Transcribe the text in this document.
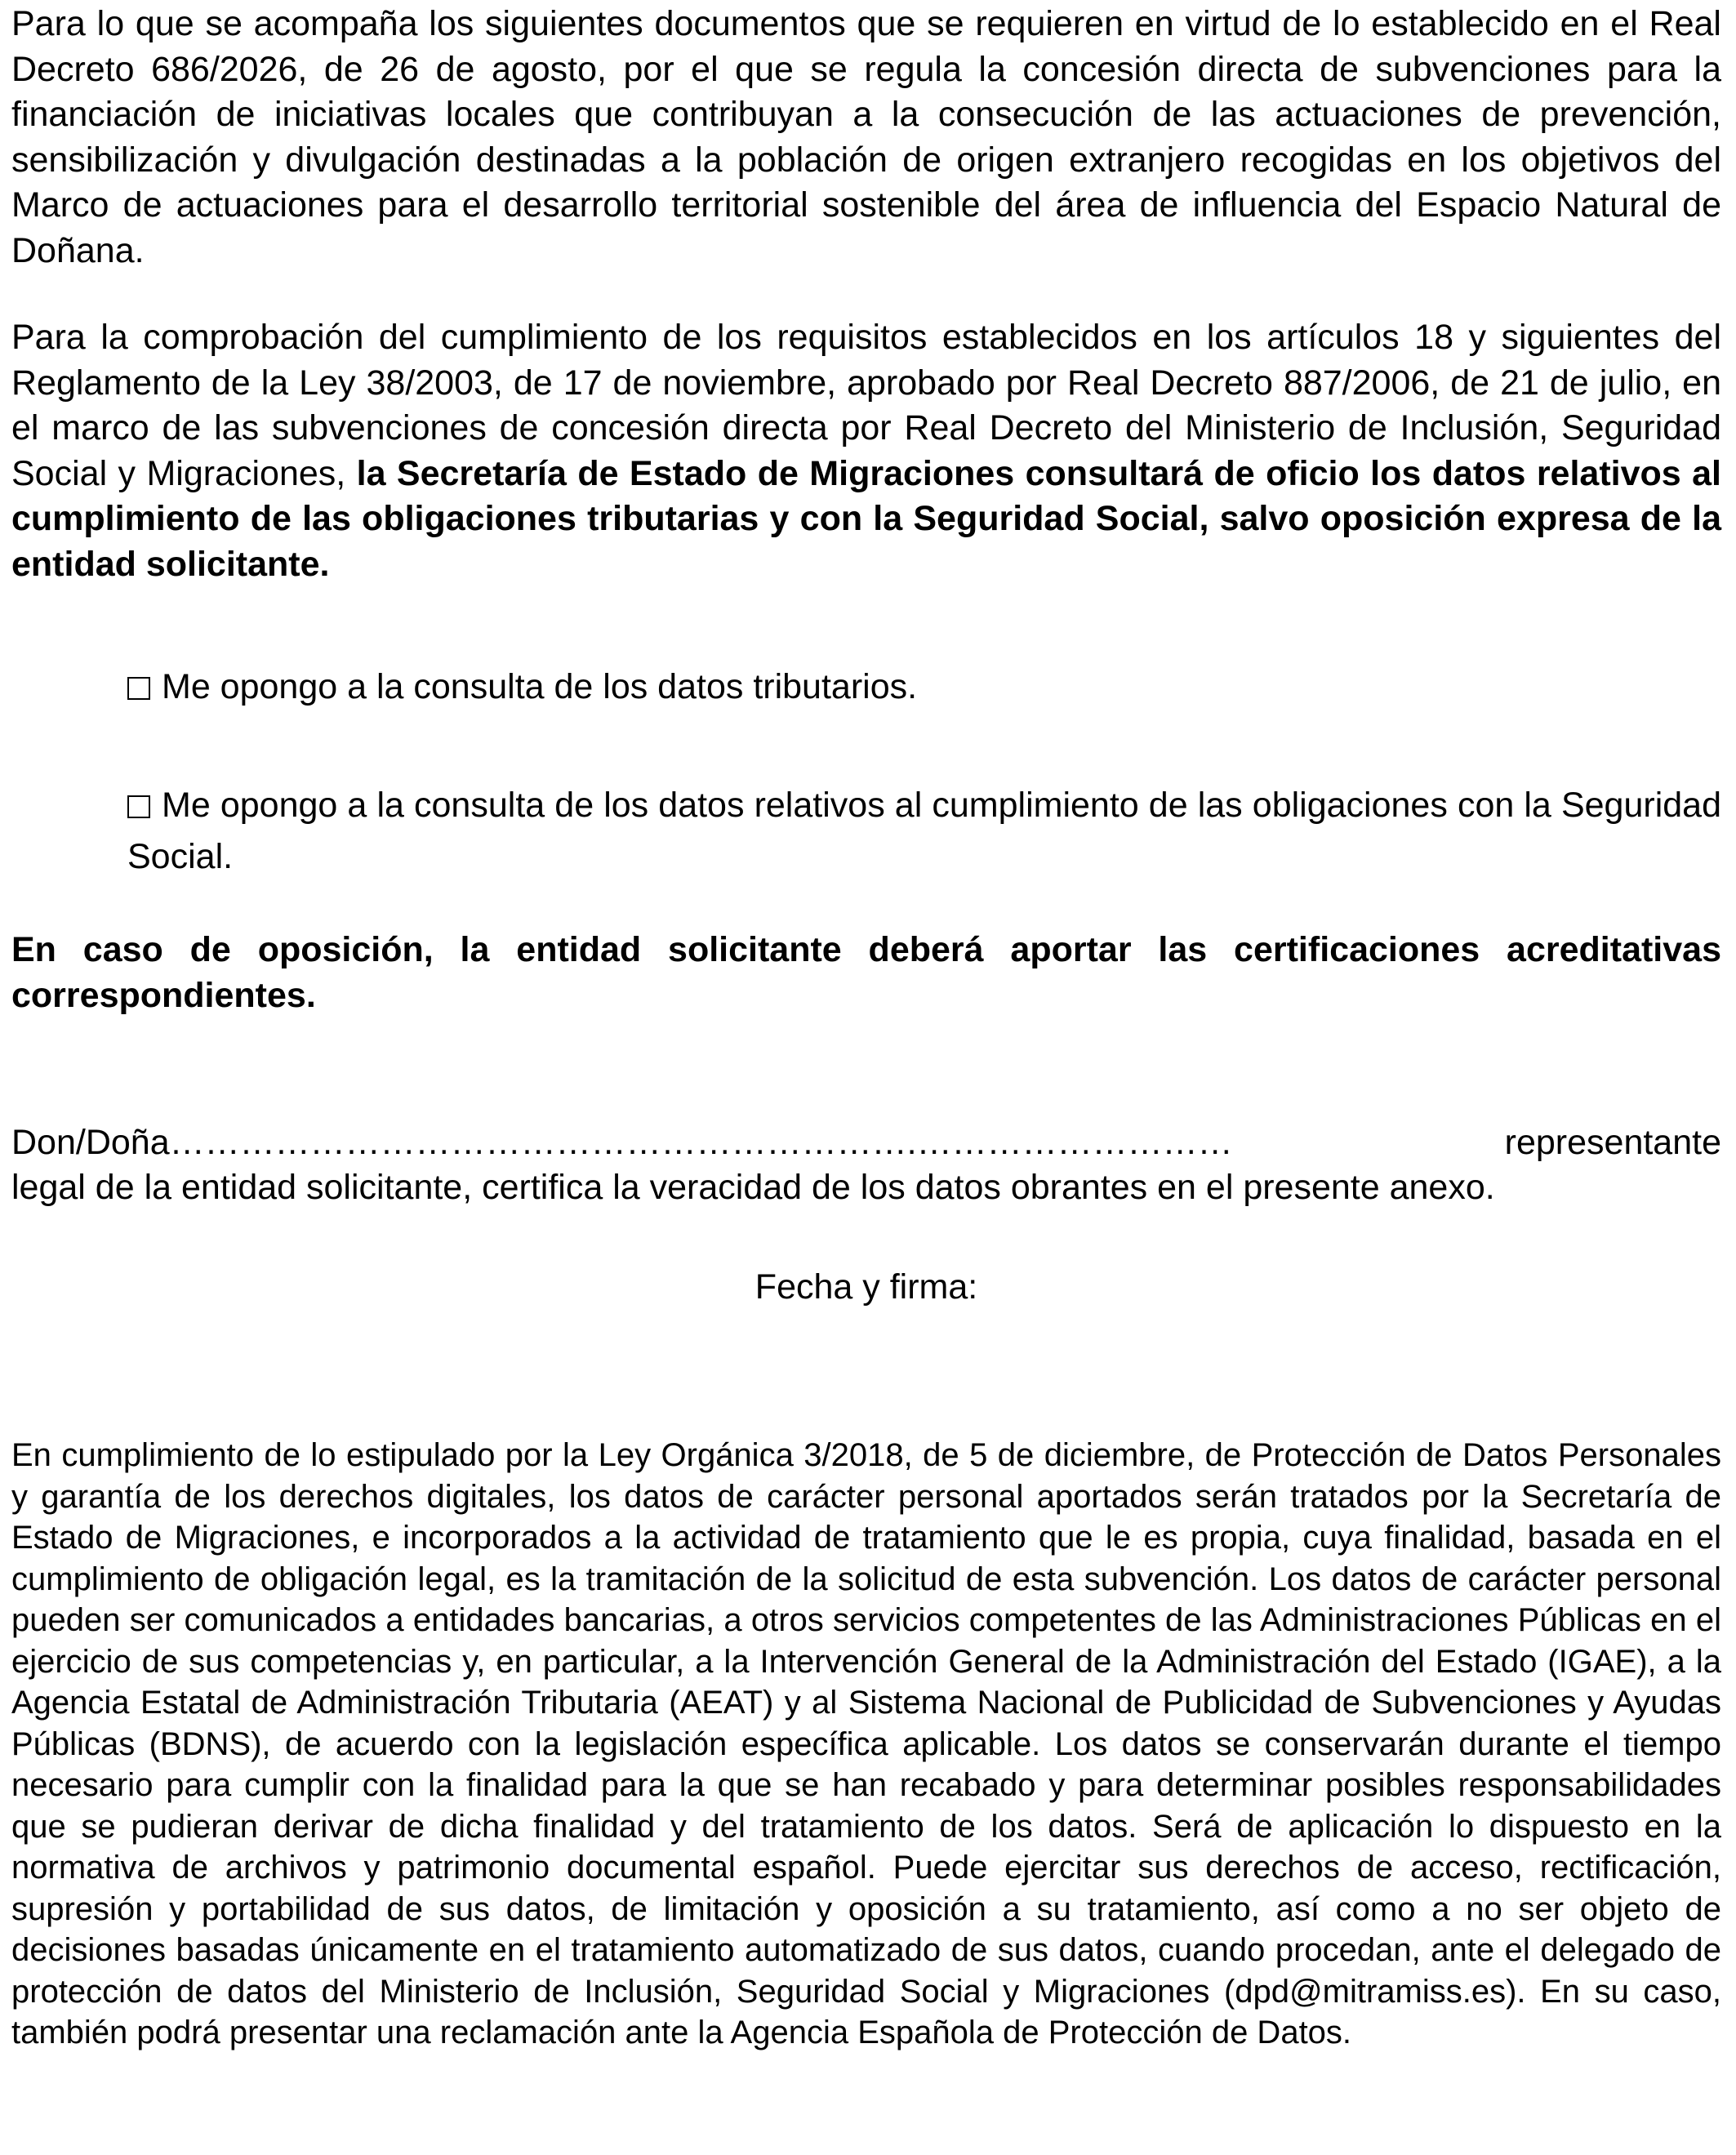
Para lo que se acompaña los siguientes documentos que se requieren en virtud de lo establecido en el Real Decreto 686/2026, de 26 de agosto, por el que se regula la concesión directa de subvenciones para la financiación de iniciativas locales que contribuyan a la consecución de las actuaciones de prevención, sensibilización y divulgación destinadas a la población de origen extranjero recogidas en los objetivos del Marco de actuaciones para el desarrollo territorial sostenible del área de influencia del Espacio Natural de Doñana.

Para la comprobación del cumplimiento de los requisitos establecidos en los artículos 18 y siguientes del Reglamento de la Ley 38/2003, de 17 de noviembre, aprobado por Real Decreto 887/2006, de 21 de julio, en el marco de las subvenciones de concesión directa por Real Decreto del Ministerio de Inclusión, Seguridad Social y Migraciones, la Secretaría de Estado de Migraciones consultará de oficio los datos relativos al cumplimiento de las obligaciones tributarias y con la Seguridad Social, salvo oposición expresa de la entidad solicitante.

Me opongo a la consulta de los datos tributarios.

Me opongo a la consulta de los datos relativos al cumplimiento de las obligaciones con la Seguridad Social.

En caso de oposición, la entidad solicitante deberá aportar las certificaciones acreditativas correspondientes.

Don/Doña……………………………………………………….………………………	representante
legal de la entidad solicitante, certifica la veracidad de los datos obrantes en el presente anexo.
Fecha y firma:

En cumplimiento de lo estipulado por la Ley Orgánica 3/2018, de 5 de diciembre, de Protección de Datos Personales y garantía de los derechos digitales, los datos de carácter personal aportados serán tratados por la Secretaría de Estado de Migraciones, e incorporados a la actividad de tratamiento que le es propia, cuya finalidad, basada en el cumplimiento de obligación legal, es la tramitación de la solicitud de esta subvención. Los datos de carácter personal pueden ser comunicados a entidades bancarias, a otros servicios competentes de las Administraciones Públicas en el ejercicio de sus competencias y, en particular, a la Intervención General de la Administración del Estado (IGAE), a la Agencia Estatal de Administración Tributaria (AEAT) y al Sistema Nacional de Publicidad de Subvenciones y Ayudas Públicas (BDNS), de acuerdo con la legislación específica aplicable. Los datos se conservarán durante el tiempo necesario para cumplir con la finalidad para la que se han recabado y para determinar posibles responsabilidades que se pudieran derivar de dicha finalidad y del tratamiento de los datos. Será de aplicación lo dispuesto en la normativa de archivos y patrimonio documental español. Puede ejercitar sus derechos de acceso, rectificación, supresión y portabilidad de sus datos, de limitación y oposición a su tratamiento, así como a no ser objeto de decisiones basadas únicamente en el tratamiento automatizado de sus datos, cuando procedan, ante el delegado de protección de datos del Ministerio de Inclusión, Seguridad Social y Migraciones (dpd@mitramiss.es). En su caso, también podrá presentar una reclamación ante la Agencia Española de Protección de Datos.
